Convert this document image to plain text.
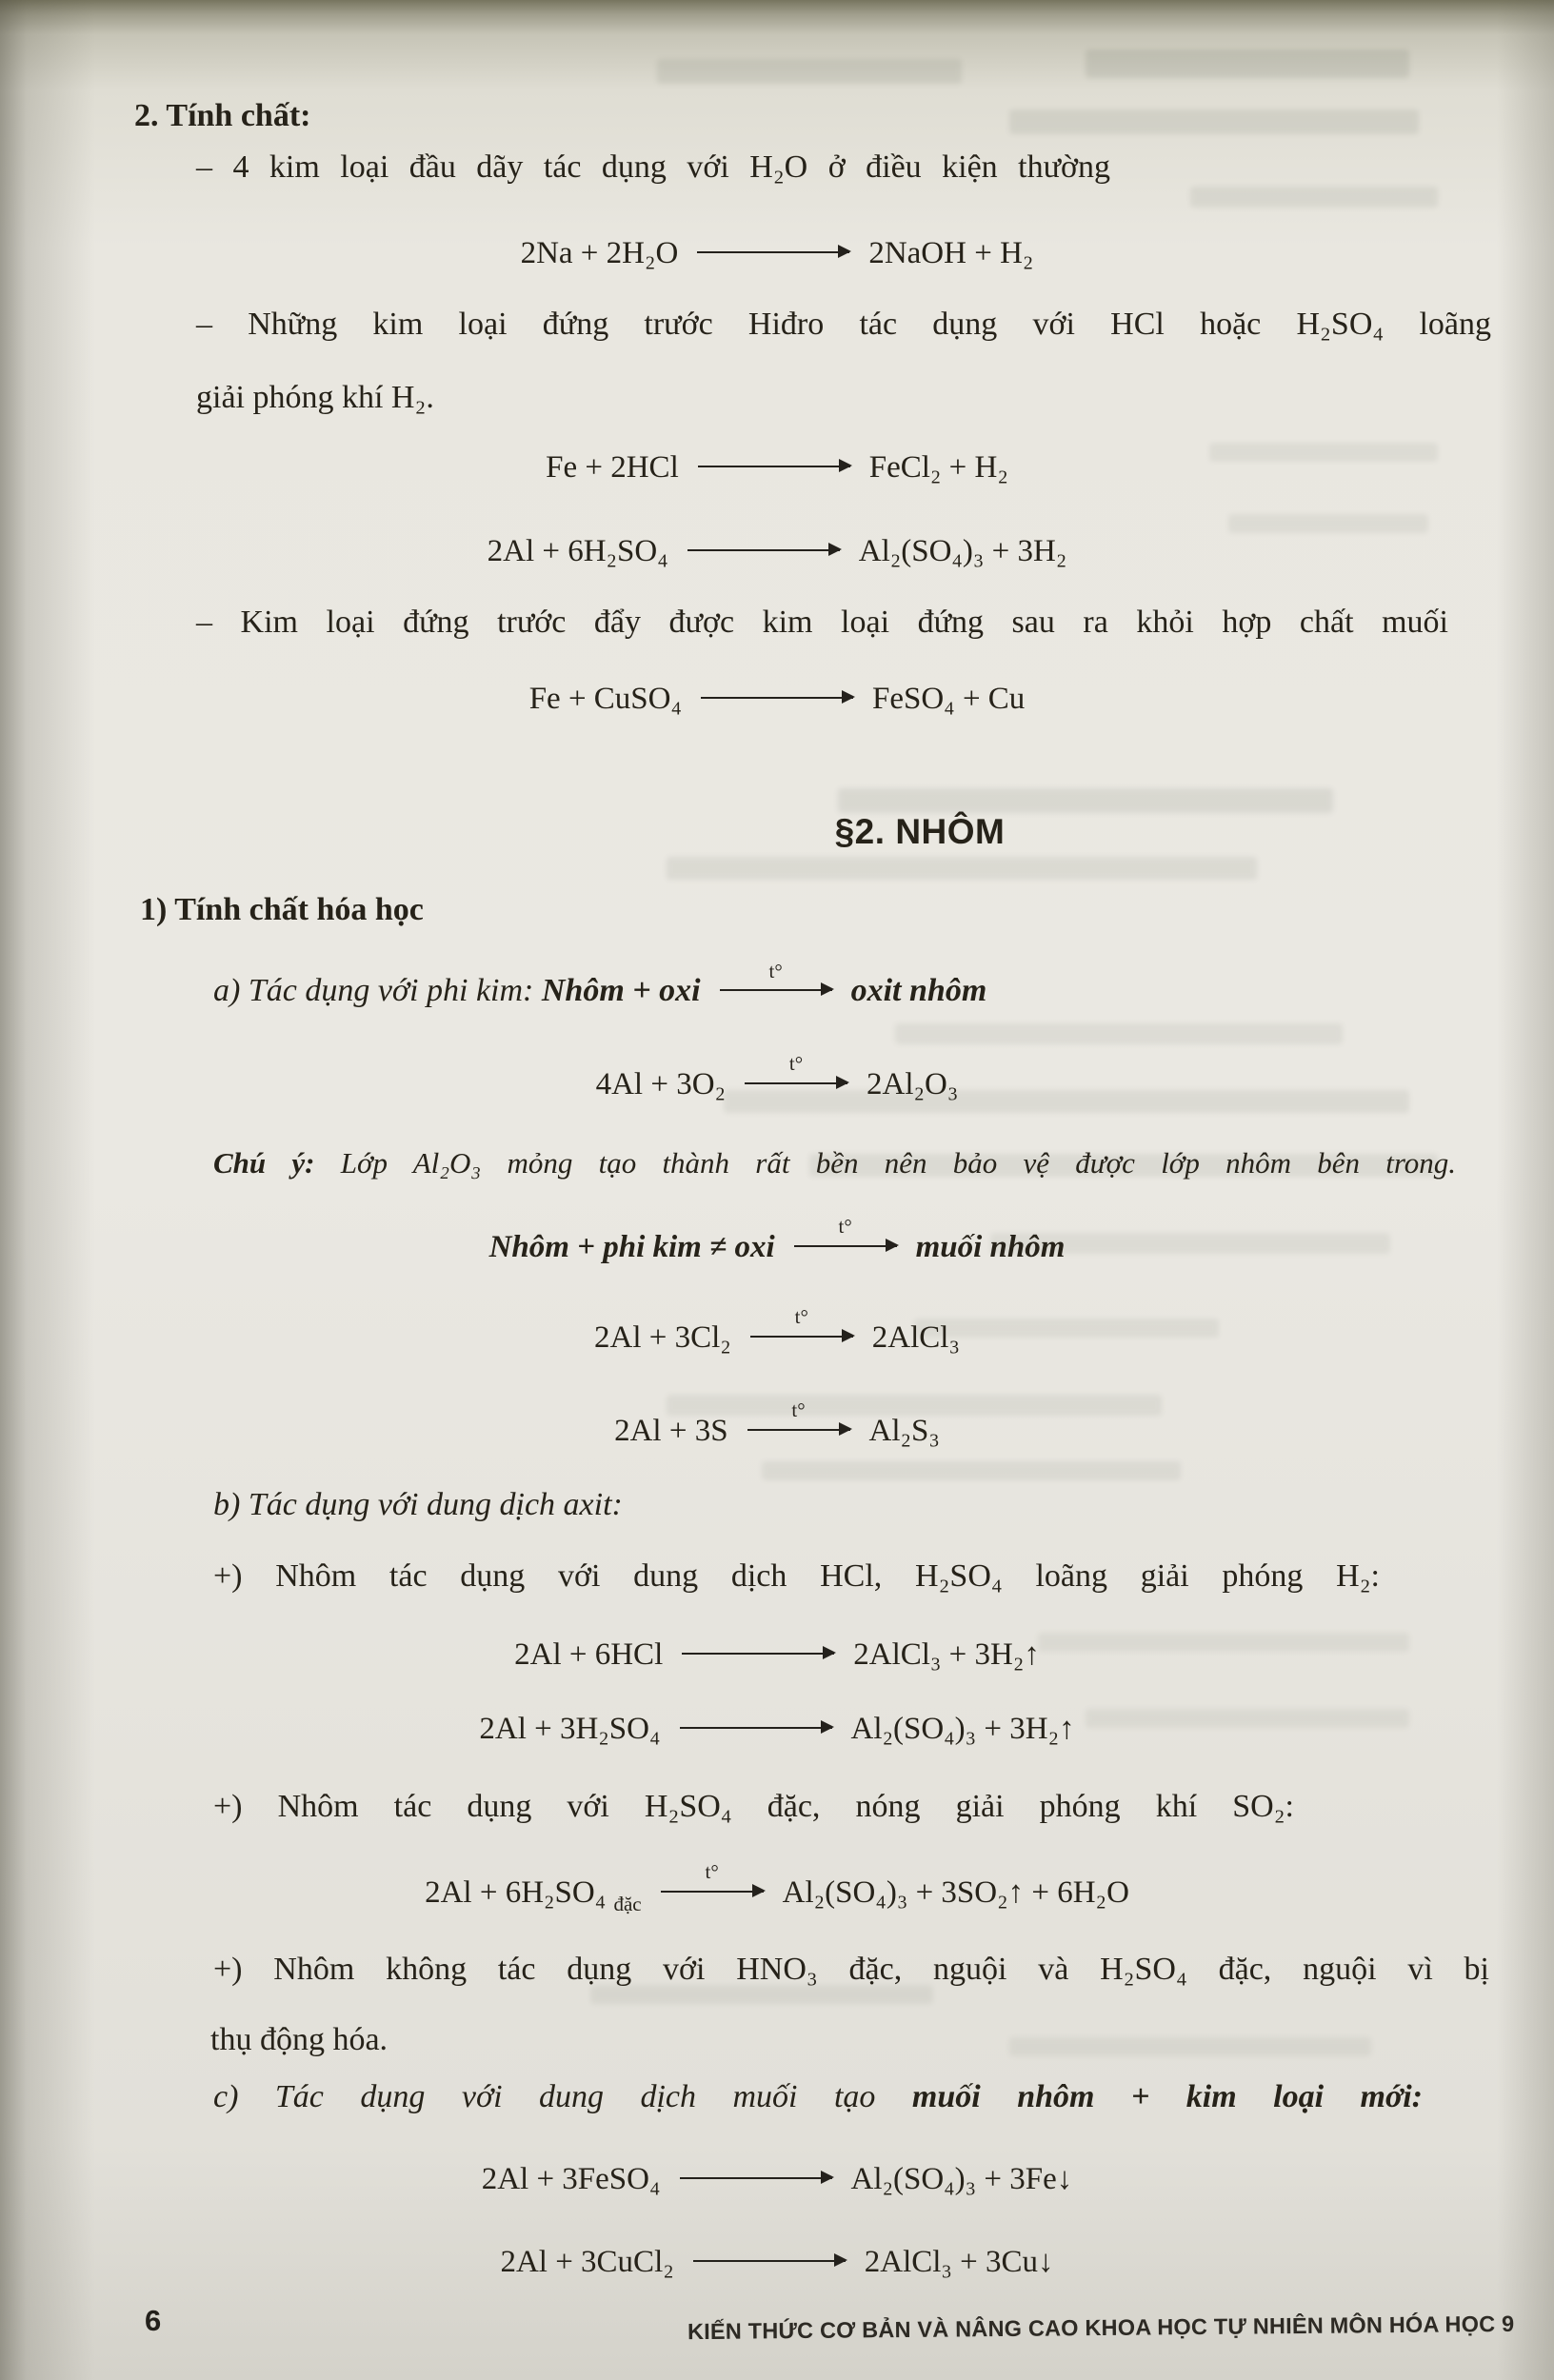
2. Tính chất:
– 4 kim loại đầu dãy tác dụng với H₂O ở điều kiện thường
2Na + 2H₂O	2NaOH + H₂
– Những kim loại đứng trước Hiđro tác dụng với HCl hoặc H₂SO₄ loãng
giải phóng khí H₂.
Fe + 2HCl	FeCl₂ + H₂
2Al + 6H₂SO₄	Al₂(SO₄)₃ + 3H₂
– Kim loại đứng trước đẩy được kim loại đứng sau ra khỏi hợp chất muối
Fe + CuSO₄	FeSO₄ + Cu
§2. NHÔM
1) Tính chất hóa học
a) Tác dụng với phi kim: Nhôm + oxi
t°
oxit nhôm
4Al + 3O₂
t°
2Al₂O₃
Chú ý: Lớp Al₂O₃ mỏng tạo thành rất bền nên bảo vệ được lớp nhôm bên trong.
Nhôm + phi kim ≠ oxi
t°
muối nhôm
2Al + 3Cl₂
t°
2AlCl₃
2Al + 3S
t°
Al₂S₃
b) Tác dụng với dung dịch axit:
+) Nhôm tác dụng với dung dịch HCl, H₂SO₄ loãng giải phóng H₂:
2Al + 6HCl	2AlCl₃ + 3H₂↑
2Al + 3H₂SO₄	Al₂(SO₄)₃ + 3H₂↑
+) Nhôm tác dụng với H₂SO₄ đặc, nóng giải phóng khí SO₂:
2Al + 6H₂SO₄ $_{đặc}$
t°
Al₂(SO₄)₃ + 3SO₂↑ + 6H₂O
+) Nhôm không tác dụng với HNO₃ đặc, nguội và H₂SO₄ đặc, nguội vì bị
thụ động hóa.
c) Tác dụng với dung dịch muối tạo muối nhôm + kim loại mới:
2Al + 3FeSO₄	Al₂(SO₄)₃ + 3Fe↓
2Al + 3CuCl₂	2AlCl₃ + 3Cu↓
6	KIẾN THỨC CƠ BẢN VÀ NÂNG CAO KHOA HỌC TỰ NHIÊN MÔN HÓA HỌC 9
